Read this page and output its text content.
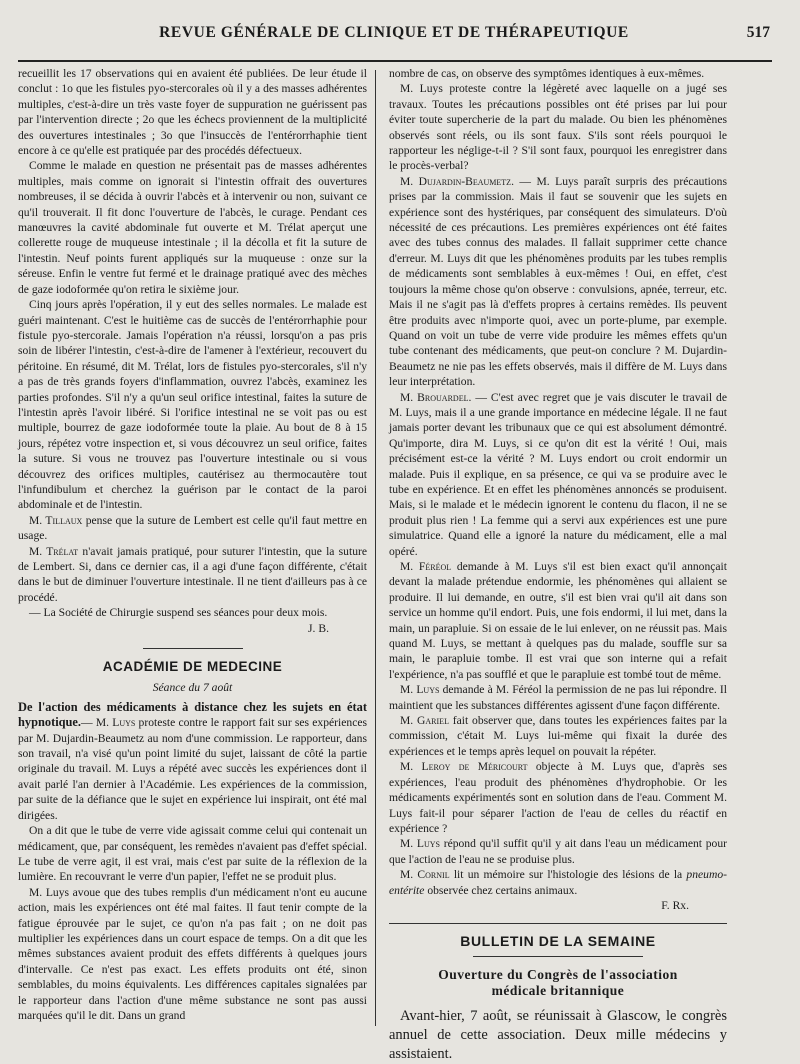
REVUE GÉNÉRALE DE CLINIQUE ET DE THÉRAPEUTIQUE	517

recueillit les 17 observations qui en avaient été publiées. De leur étude il conclut : 1o que les fistules pyo-stercorales où il y a des masses adhérentes multiples, c'est-à-dire un très vaste foyer de suppuration ne guérissent pas par l'intervention directe ; 2o que les échecs proviennent de la multiplicité des ouvertures intestinales ; 3o que l'insuccès de l'entérorrhaphie tient encore à ce qu'elle est pratiquée par des procédés défectueux.

Comme le malade en question ne présentait pas de masses adhérentes multiples, mais comme on ignorait si l'intestin offrait des ouvertures nombreuses, il se décida à ouvrir l'abcès et à intervenir ou non, suivant ce qu'il trouverait. Il fit donc l'ouverture de l'abcès, le curage. Pendant ces manœuvres la cavité abdominale fut ouverte et M. Trélat aperçut une collerette rouge de muqueuse intestinale ; il la décolla et fit la suture de l'intestin. Neuf points furent appliqués sur la muqueuse : onze sur la séreuse. Enfin le ventre fut fermé et le drainage pratiqué avec des mèches de gaze iodoformée qu'on retira le sixième jour.

Cinq jours après l'opération, il y eut des selles normales. Le malade est guéri maintenant. C'est le huitième cas de succès de l'entérorrhaphie pour fistule pyo-stercorale. Jamais l'opération n'a réussi, lorsqu'on a pas pris soin de libérer l'intestin, c'est-à-dire de l'amener à l'extérieur, recouvert du péritoine. En résumé, dit M. Trélat, lors de fistules pyo-stercorales, s'il n'y a pas de très grands foyers d'inflammation, ouvrez l'abcès, examinez les parties profondes. S'il n'y a qu'un seul orifice intestinal, faites la suture de l'intestin après l'avoir libéré. Si l'orifice intestinal ne se voit pas ou est multiple, bourrez de gaze iodoformée toute la plaie. Au bout de 8 à 15 jours, répétez votre inspection et, si vous découvrez un seul orifice, faites la suture. Si vous ne trouvez pas l'ouverture intestinale ou si vous découvrez des orifices multiples, cautérisez au thermocautère tout l'infundibulum et cherchez la guérison par le contact de la paroi abdominale et de l'intestin.

M. Tillaux pense que la suture de Lembert est celle qu'il faut mettre en usage.

M. Trélat n'avait jamais pratiqué, pour suturer l'intestin, que la suture de Lembert. Si, dans ce dernier cas, il a agi d'une façon différente, c'était dans le but de diminuer l'ouverture intestinale. Il ne tient d'ailleurs pas à ce procédé.

— La Société de Chirurgie suspend ses séances pour deux mois.

J. B.
ACADÉMIE DE MEDECINE
Séance du 7 août

De l'action des médicaments à distance chez les sujets en état hypnotique.— M. Luys proteste contre le rapport fait sur ses expériences par M. Dujardin-Beaumetz au nom d'une commission. Le rapporteur, dans son travail, n'a visé qu'un point limité du sujet, laissant de côté la partie originale du travail. M. Luys a répété avec succès les expériences dont il avait parlé l'an dernier à l'Académie. Les expériences de la commission, par suite de la défiance que le sujet en expérience lui inspirait, ont été mal dirigées.

On a dit que le tube de verre vide agissait comme celui qui contenait un médicament, que, par conséquent, les remèdes n'avaient pas d'effet spécial. Le tube de verre agit, il est vrai, mais c'est par suite de la réflexion de la lumière. En recouvrant le verre d'un papier, l'effet ne se produit plus.

M. Luys avoue que des tubes remplis d'un médicament n'ont eu aucune action, mais les expériences ont été mal faites. Il faut tenir compte de la fatigue éprouvée par le sujet, ce qu'on n'a pas fait ; on ne doit pas multiplier les expériences dans un court espace de temps. On a dit que les mêmes substances avaient produit des effets différents à quelques jours d'intervalle. Ce n'est pas exact. Les effets produits ont été, sinon semblables, du moins équivalents. Les différences capitales signalées par le rapporteur dans l'action d'une même substance ne sont pas aussi marquées qu'il le dit. Dans un grand

nombre de cas, on observe des symptômes identiques à eux-mêmes.

M. Luys proteste contre la légèreté avec laquelle on a jugé ses travaux. Toutes les précautions possibles ont été prises par lui pour éviter toute supercherie de la part du malade. Ou bien les phénomènes observés sont réels, ou ils sont faux. S'ils sont réels pourquoi le rapporteur les néglige-t-il ? S'il sont faux, pourquoi les enregistrer dans le procès-verbal?

M. Dujardin-Beaumetz. — M. Luys paraît surpris des précautions prises par la commission. Mais il faut se souvenir que les sujets en expérience sont des hystériques, par conséquent des simulateurs. D'où nécessité de ces précautions. Les premières expériences ont été faites avec des tubes connus des malades. Il fallait supprimer cette chance d'erreur. M. Luys dit que les phénomènes produits par les tubes remplis de médicaments sont semblables à eux-mêmes ! Oui, en effet, c'est toujours la même chose qu'on observe : convulsions, apnée, terreur, etc. Mais il ne s'agit pas là d'effets propres à certains remèdes. Ils peuvent être produits avec n'importe quoi, avec un porte-plume, par exemple. Quand on voit un tube de verre vide produire les mêmes effets qu'un tube contenant des médicaments, que peut-on conclure ? M. Dujardin-Beaumetz ne nie pas les effets observés, mais il diffère de M. Luys dans leur interprétation.

M. Brouardel. — C'est avec regret que je vais discuter le travail de M. Luys, mais il a une grande importance en médecine légale. Il ne faut jamais porter devant les tribunaux que ce qui est absolument démontré. Qu'importe, dira M. Luys, si ce qu'on dit est la vérité ! Oui, mais précisément est-ce la vérité ? M. Luys endort ou croit endormir un malade. Puis il explique, en sa présence, ce qui va se produire avec le tube en expérience. Et en effet les phénomènes annoncés se produisent. Mais, si le malade et le médecin ignorent le contenu du flacon, il ne se produit plus rien ! La femme qui a servi aux expériences est une pure simulatrice. Quand elle a ignoré la nature du médicament, elle a mal opéré.

M. Féréol demande à M. Luys s'il est bien exact qu'il annonçait devant la malade prétendue endormie, les phénomènes qui allaient se produire. Il lui demande, en outre, s'il est bien vrai qu'il ait dans son service un homme qu'il endort. Puis, une fois endormi, il lui met, dans la main, un parapluie. Si on essaie de le lui enlever, on ne réussit pas. Mais quand M. Luys, se mettant à quelques pas du malade, souffle sur sa main, le parapluie tombe. Il est vrai que son interne qui a refait l'expérience, n'a pas soufflé et que le parapluie est tombé tout de même.

M. Luys demande à M. Féréol la permission de ne pas lui répondre. Il maintient que les substances différentes agissent d'une façon différente.

M. Gariel fait observer que, dans toutes les expériences faites par la commission, c'était M. Luys lui-même qui fixait la durée des expériences et le temps après lequel on pouvait la répéter.

M. Leroy de Méricourt objecte à M. Luys que, d'après ses expériences, l'eau produit des phénomènes d'hydrophobie. Or les médicaments expérimentés sont en solution dans de l'eau. Comment M. Luys fait-il pour séparer l'action de l'eau de celles du réactif en expérience ?

M. Luys répond qu'il suffit qu'il y ait dans l'eau un médicament pour que l'action de l'eau ne se produise plus.

M. Cornil lit un mémoire sur l'histologie des lésions de la pneumo-entérite observée chez certains animaux.

F. Rx.
BULLETIN DE LA SEMAINE
Ouverture du Congrès de l'association
médicale britannique

Avant-hier, 7 août, se réunissait à Glascow, le congrès annuel de cette association. Deux mille médecins y assistaient.
